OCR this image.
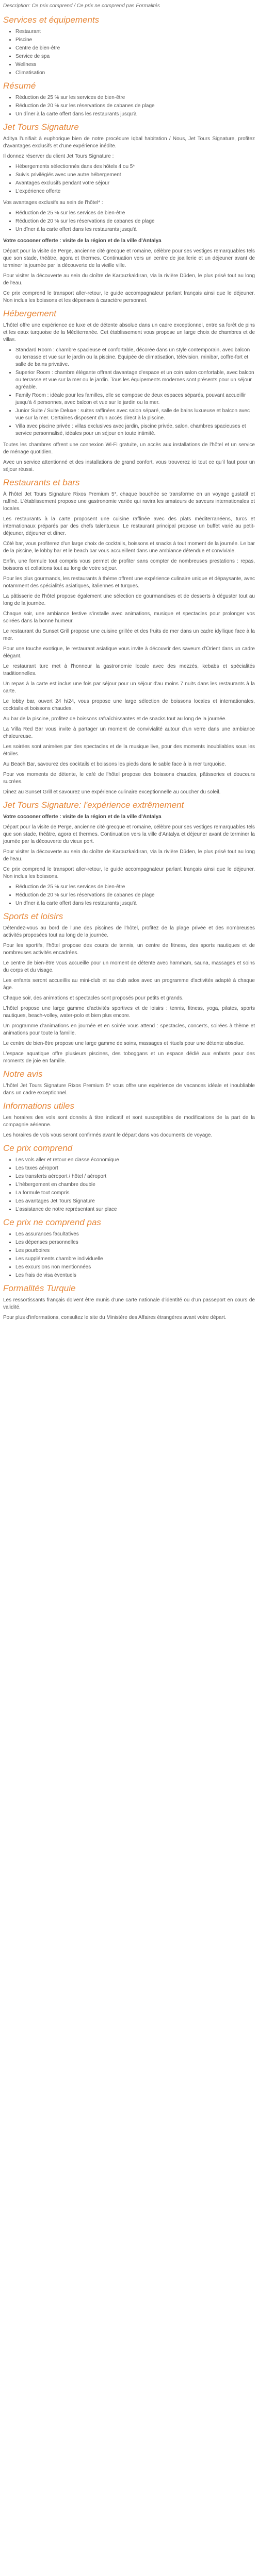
Description: Ce prix comprend / Ce prix ne comprend pas Formalités

Services et équipements
• Restaurant
• Piscine
• Centre de bien-être
• Service de spa
• Wellness
• Climatisation
Résumé
• Réduction de 25 % sur les services de bien-être
• Réduction de 20 % sur les réservations de cabanes de plage
• Un dîner à la carte offert dans les restaurants jusqu'à
Jet Tours Signature

Aditya l'unifiait à euphorique bien de notre procédure Iqbal habitation / Nous, Jet Tours Signature, profitez d'avantages exclusifs et d'une expérience inédite.

Il donnez réserver du client Jet Tours Signature :

• Hébergements sélectionnés dans des hôtels 4 ou 5*
• Suivis privilégiés avec une autre hébergement
• Avantages exclusifs pendant votre séjour
• L'expérience offerte

Vos avantages exclusifs au sein de l'hôtel* :

• Réduction de 25 % sur les services de bien-être
• Réduction de 20 % sur les réservations de cabanes de plage
• Un dîner à la carte offert dans les restaurants jusqu'à

Votre cocooner offerte : visite de la région et de la ville d'Antalya

Départ pour la visite de Perge, ancienne cité grecque et romaine, célèbre pour ses vestiges remarquables tels que son stade, théâtre, agora et thermes. Continuation vers un centre de joaillerie et un déjeuner avant de terminer la journée par la découverte de la vieille ville.

Pour visiter la découverte au sein du cloître de Karpuzkaldıran, via la rivière Düden, le plus prisé tout au long de l'eau.

Ce prix comprend le transport aller-retour, le guide accompagnateur parlant français ainsi que le déjeuner. Non inclus les boissons et les dépenses à caractère personnel.

Hébergement

L'hôtel offre une expérience de luxe et de détente absolue dans un cadre exceptionnel, entre sa forêt de pins et les eaux turquoise de la Méditerranée. Cet établissement vous propose un large choix de chambres et de villas.

• Standard Room : chambre spacieuse et confortable, décorée dans un style contemporain, avec balcon ou terrasse et vue sur le jardin ou la piscine. Équipée de climatisation, télévision, minibar, coffre-fort et salle de bains privative.
• Superior Room : chambre élégante offrant davantage d'espace et un coin salon confortable, avec balcon ou terrasse et vue sur la mer ou le jardin. Tous les équipements modernes sont présents pour un séjour agréable.
• Family Room : idéale pour les familles, elle se compose de deux espaces séparés, pouvant accueillir jusqu'à 4 personnes, avec balcon et vue sur le jardin ou la mer.
• Junior Suite / Suite Deluxe : suites raffinées avec salon séparé, salle de bains luxueuse et balcon avec vue sur la mer. Certaines disposent d'un accès direct à la piscine.
• Villa avec piscine privée : villas exclusives avec jardin, piscine privée, salon, chambres spacieuses et service personnalisé, idéales pour un séjour en toute intimité.

Toutes les chambres offrent une connexion Wi-Fi gratuite, un accès aux installations de l'hôtel et un service de ménage quotidien.

Avec un service attentionné et des installations de grand confort, vous trouverez ici tout ce qu'il faut pour un séjour réussi.

Restaurants et bars

À l'hôtel Jet Tours Signature Rixos Premium 5*, chaque bouchée se transforme en un voyage gustatif et raffiné. L'établissement propose une gastronomie variée qui ravira les amateurs de saveurs internationales et locales.

Les restaurants à la carte proposent une cuisine raffinée avec des plats méditerranéens, turcs et internationaux préparés par des chefs talentueux. Le restaurant principal propose un buffet varié au petit-déjeuner, déjeuner et dîner.

Côté bar, vous profiterez d'un large choix de cocktails, boissons et snacks à tout moment de la journée. Le bar de la piscine, le lobby bar et le beach bar vous accueillent dans une ambiance détendue et conviviale.

Enfin, une formule tout compris vous permet de profiter sans compter de nombreuses prestations : repas, boissons et collations tout au long de votre séjour.

Pour les plus gourmands, les restaurants à thème offrent une expérience culinaire unique et dépaysante, avec notamment des spécialités asiatiques, italiennes et turques.

La pâtisserie de l'hôtel propose également une sélection de gourmandises et de desserts à déguster tout au long de la journée.

Chaque soir, une ambiance festive s'installe avec animations, musique et spectacles pour prolonger vos soirées dans la bonne humeur.

Le restaurant du Sunset Grill propose une cuisine grillée et des fruits de mer dans un cadre idyllique face à la mer.

Pour une touche exotique, le restaurant asiatique vous invite à découvrir des saveurs d'Orient dans un cadre élégant.

Le restaurant turc met à l'honneur la gastronomie locale avec des mezzés, kebabs et spécialités traditionnelles.

Un repas à la carte est inclus une fois par séjour pour un séjour d'au moins 7 nuits dans les restaurants à la carte.

Le lobby bar, ouvert 24 h/24, vous propose une large sélection de boissons locales et internationales, cocktails et boissons chaudes.

Au bar de la piscine, profitez de boissons rafraîchissantes et de snacks tout au long de la journée.

La Villa Red Bar vous invite à partager un moment de convivialité autour d'un verre dans une ambiance chaleureuse.

Les soirées sont animées par des spectacles et de la musique live, pour des moments inoubliables sous les étoiles.

Au Beach Bar, savourez des cocktails et boissons les pieds dans le sable face à la mer turquoise.

Pour vos moments de détente, le café de l'hôtel propose des boissons chaudes, pâtisseries et douceurs sucrées.

Dînez au Sunset Grill et savourez une expérience culinaire exceptionnelle au coucher du soleil.

Jet Tours Signature: l'expérience extrêmement

Votre cocooner offerte : visite de la région et de la ville d'Antalya

Départ pour la visite de Perge, ancienne cité grecque et romaine, célèbre pour ses vestiges remarquables tels que son stade, théâtre, agora et thermes. Continuation vers la ville d'Antalya et déjeuner avant de terminer la journée par la découverte du vieux port.

Pour visiter la découverte au sein du cloître de Karpuzkaldıran, via la rivière Düden, le plus prisé tout au long de l'eau.

Ce prix comprend le transport aller-retour, le guide accompagnateur parlant français ainsi que le déjeuner. Non inclus les boissons.

• Réduction de 25 % sur les services de bien-être
• Réduction de 20 % sur les réservations de cabanes de plage
• Un dîner à la carte offert dans les restaurants jusqu'à
Sports et loisirs

Détendez-vous au bord de l'une des piscines de l'hôtel, profitez de la plage privée et des nombreuses activités proposées tout au long de la journée.

Pour les sportifs, l'hôtel propose des courts de tennis, un centre de fitness, des sports nautiques et de nombreuses activités encadrées.

Le centre de bien-être vous accueille pour un moment de détente avec hammam, sauna, massages et soins du corps et du visage.

Les enfants seront accueillis au mini-club et au club ados avec un programme d'activités adapté à chaque âge.

Chaque soir, des animations et spectacles sont proposés pour petits et grands.

L'hôtel propose une large gamme d'activités sportives et de loisirs : tennis, fitness, yoga, pilates, sports nautiques, beach-volley, water-polo et bien plus encore.

Un programme d'animations en journée et en soirée vous attend : spectacles, concerts, soirées à thème et animations pour toute la famille.

Le centre de bien-être propose une large gamme de soins, massages et rituels pour une détente absolue.

L'espace aquatique offre plusieurs piscines, des toboggans et un espace dédié aux enfants pour des moments de joie en famille.

Notre avis

L'hôtel Jet Tours Signature Rixos Premium 5* vous offre une expérience de vacances idéale et inoubliable dans un cadre exceptionnel.

Informations utiles

Les horaires des vols sont donnés à titre indicatif et sont susceptibles de modifications de la part de la compagnie aérienne.

Les horaires de vols vous seront confirmés avant le départ dans vos documents de voyage.

Ce prix comprend
• Les vols aller et retour en classe économique
• Les taxes aéroport
• Les transferts aéroport / hôtel / aéroport
• L'hébergement en chambre double
• La formule tout compris
• Les avantages Jet Tours Signature
• L'assistance de notre représentant sur place
Ce prix ne comprend pas
• Les assurances facultatives
• Les dépenses personnelles
• Les pourboires
• Les suppléments chambre individuelle
• Les excursions non mentionnées
• Les frais de visa éventuels
Formalités Turquie

Les ressortissants français doivent être munis d'une carte nationale d'identité ou d'un passeport en cours de validité.

Pour plus d'informations, consultez le site du Ministère des Affaires étrangères avant votre départ.
